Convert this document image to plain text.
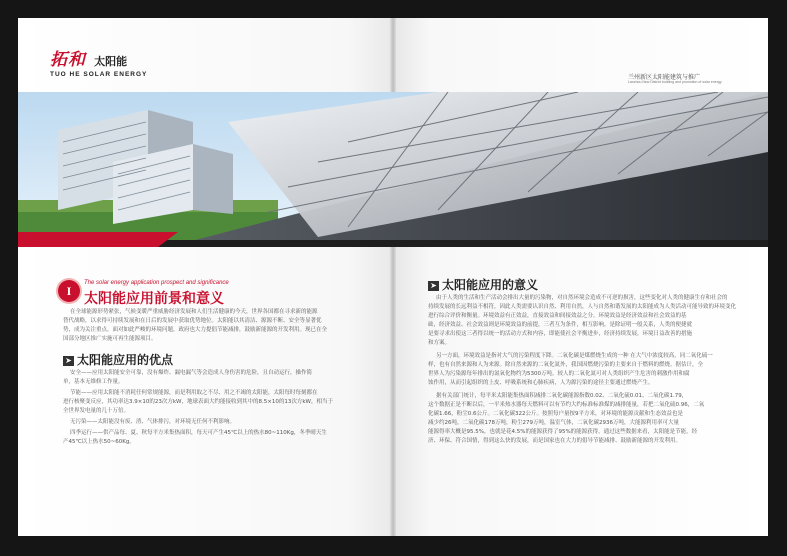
拓和 太阳能
TUO HE SOLAR ENERGY	兰州新区太阳能建筑与推广
Lanzhou New District building and promotion of solar energy
I
The solar energy application prospect and significance
太阳能应用前景和意义
在全球能源形势紧张，气候变暖严重威胁经济发展和人们生活健康的今天，世界各国都在寻求新的能源
替代战略，以求得可持续发展和在日后的发展中获取优势地位。太阳能以其清洁、源源不断、安全等显著优
势，成为关注重点。面对如此严峻的环境问题，政府也大力提倡节能减排，鼓励新能源的开发利用。现已在全
国部分地区推广实施可再生能源项目。
➤ 太阳能应用的优点
安全——应用太阳能安全可靠，没有爆炸、漏电漏气等会造成人身伤害的危险，且自动运行，操作简
单，基本无维修工作量。
节能——应用太阳能不消耗任何常规能源，而是利用取之不尽、用之不竭的太阳能，太阳每时每刻都在
进行核聚变反应，其功率达3.9×10的23次方kW，地球表面大约能接收到其中的8.5×10的13次方kW，相当于
全世界发电量的几十万倍。
无污染——太阳能没有废、渣、气体排污，对环境无任何不利影响。
四季运行——供产品每、夏、秋每平方米集热面积，每天可产生45℃以上的热水80~110Kg，冬季晴天生
产45℃以上热水50~60Kg。
➤ 太阳能应用的意义
由于人类的生活和生产活动会排出大量的污染物，对自然环境会造成不可逆的损害，这些变化对人类的健康生存和社会的
持续发展的长远利益不相符，因此人类需要认识自然、利用自然，人与自然和谐发展的太阳能成为人类活动可能导致的环境变化
进行综合评价和衡量。环境效益有正效益，直接效益和间接效益之分。环境效益是经济效益和社会效益的基
础，经济效益、社会效益则是环境效益的前提，三者互为条件，相互影响。是除证明一般关系，人类的便捷就
是要寻求出使这三者得以统一的活动方式和内容，即能使社会平衡进步，经济持续发展，环境日益改善的措施
和方案。
另一方面，环境效益是指对大气的污染程度下降。二氧化碳是煤燃烧生成的一种 在大气中浓度较高，同二氧化硫一
样，也有自然来源和人为来源。除自然来源的二氧化氮外，我国因燃烧污染的主要来自于燃料的燃烧。据估计，全
世界人为污染源每年排出的氮氧化物约为5300万吨。较人的二氧化氮可对人类组织产生危害的刺激作用和腐
蚀作用，从而引起组织的上皮、呼吸系统和心肺疾病，人为源污染的途径主要通过燃烧产生。
据有关部门统计，每平米太阳能集热面积减排二氧化碳能源指数0.02、二氧化硫0.01、二氧化碳1.79，
这个数据正是不断以后，一平米热水器每天燃料可以有节约大约标准标准煤的减排能量，若把二氧化硫0.96，二氧
化碳1.66，粉尘0.6公斤。二氧化碳322公斤。按照每户量按9平方米，对环境的能源贡献和生态效益也是
减少约26吨，二氧化碳178万吨，粉尘279万吨，温室气体，二氧化碳2936万吨，大能源利用率可大量
能源得率大概是95.5%，也就是花4.5%的能源获得了95%的能源获得，通过这些数据来看，太阳能是节能，经
济、环保、符合国情，得到这么快的发展，而是国家也在大力的倡导节能减排、鼓励新能源的开发利用。
